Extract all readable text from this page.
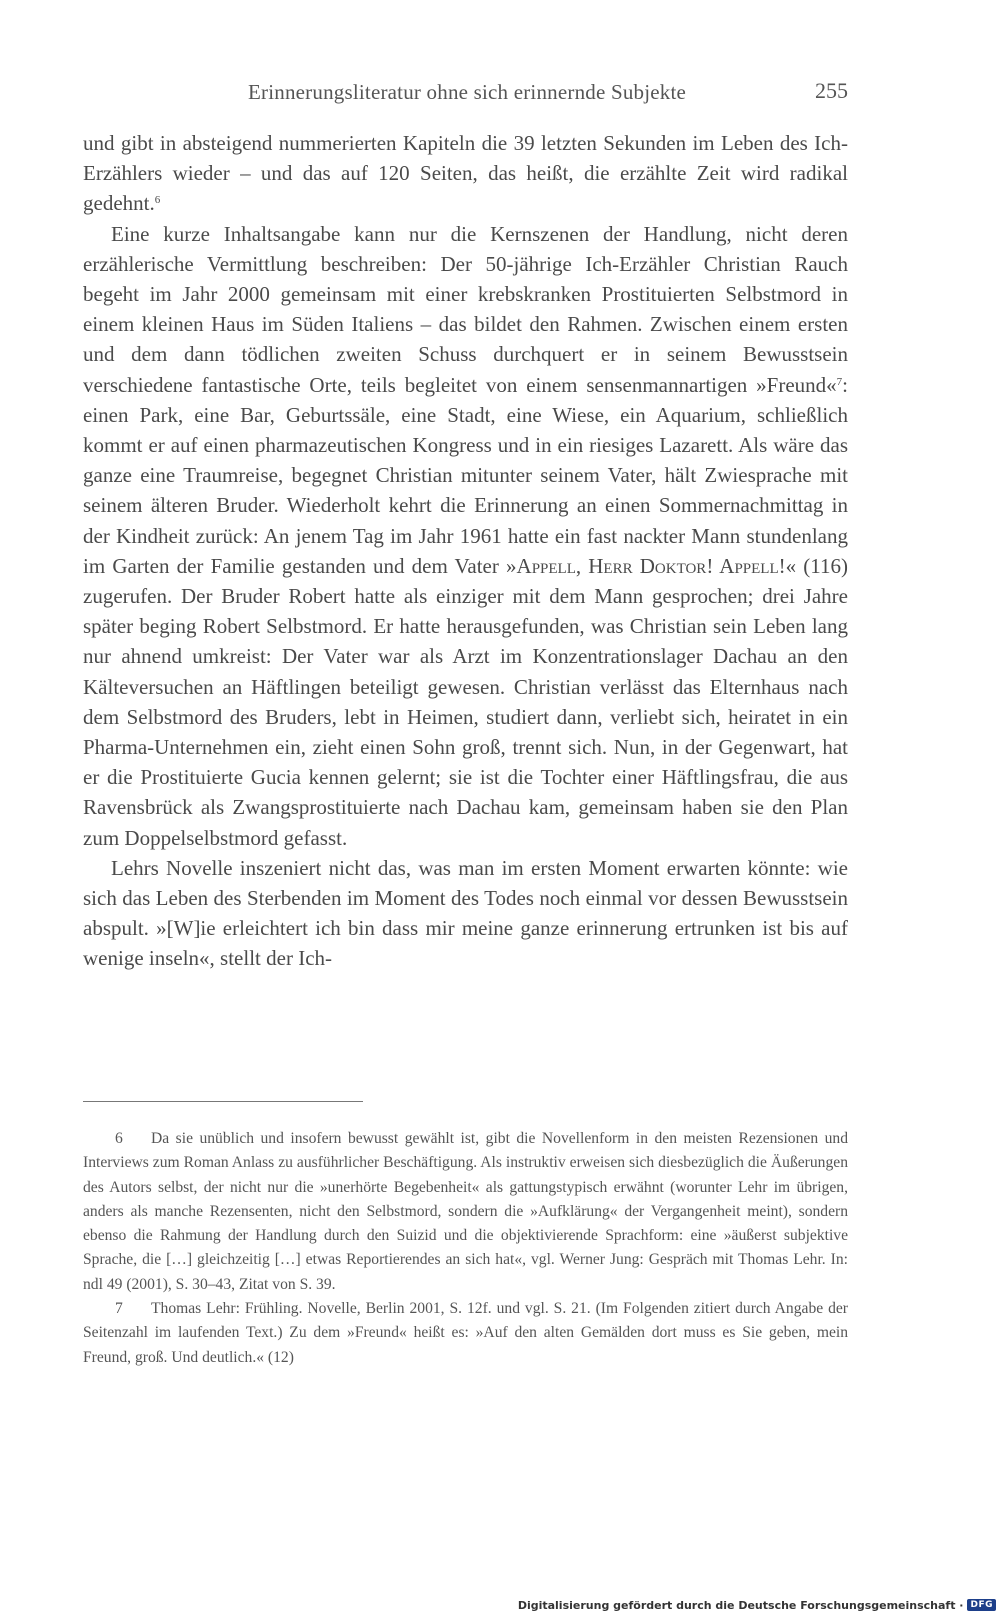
Erinnerungsliteratur ohne sich erinnernde Subjekte	255

und gibt in absteigend nummerierten Kapiteln die 39 letzten Sekunden im Leben des Ich-Erzählers wieder – und das auf 120 Seiten, das heißt, die erzählte Zeit wird radikal gedehnt.$^6$

Eine kurze Inhaltsangabe kann nur die Kernszenen der Handlung, nicht deren erzählerische Vermittlung beschreiben: Der 50-jährige Ich-Erzähler Christian Rauch begeht im Jahr 2000 gemeinsam mit einer krebskranken Prostituierten Selbstmord in einem kleinen Haus im Süden Italiens – das bildet den Rahmen. Zwischen einem ersten und dem dann tödlichen zweiten Schuss durchquert er in seinem Bewusstsein verschiedene fantastische Orte, teils begleitet von einem sensenmannartigen »Freund«$^7$: einen Park, eine Bar, Geburtssäle, eine Stadt, eine Wiese, ein Aquarium, schließlich kommt er auf einen pharmazeutischen Kongress und in ein riesiges Lazarett. Als wäre das ganze eine Traumreise, begegnet Christian mitunter seinem Vater, hält Zwiesprache mit seinem älteren Bruder. Wiederholt kehrt die Erinnerung an einen Sommernachmittag in der Kindheit zurück: An jenem Tag im Jahr 1961 hatte ein fast nackter Mann stundenlang im Garten der Familie gestanden und dem Vater »Appell, Herr Doktor! Appell!« (116) zugerufen. Der Bruder Robert hatte als einziger mit dem Mann gesprochen; drei Jahre später beging Robert Selbstmord. Er hatte herausgefunden, was Christian sein Leben lang nur ahnend umkreist: Der Vater war als Arzt im Konzentrationslager Dachau an den Kälteversuchen an Häftlingen beteiligt gewesen. Christian verlässt das Elternhaus nach dem Selbstmord des Bruders, lebt in Heimen, studiert dann, verliebt sich, heiratet in ein Pharma-Unternehmen ein, zieht einen Sohn groß, trennt sich. Nun, in der Gegenwart, hat er die Prostituierte Gucia kennen gelernt; sie ist die Tochter einer Häftlingsfrau, die aus Ravensbrück als Zwangsprostituierte nach Dachau kam, gemeinsam haben sie den Plan zum Doppelselbstmord gefasst.

Lehrs Novelle inszeniert nicht das, was man im ersten Moment erwarten könnte: wie sich das Leben des Sterbenden im Moment des Todes noch einmal vor dessen Bewusstsein abspult. »[W]ie erleichtert ich bin dass mir meine ganze erinnerung ertrunken ist bis auf wenige inseln«, stellt der Ich-

6 Da sie unüblich und insofern bewusst gewählt ist, gibt die Novellenform in den meisten Rezensionen und Interviews zum Roman Anlass zu ausführlicher Beschäftigung. Als instruktiv erweisen sich diesbezüglich die Äußerungen des Autors selbst, der nicht nur die »unerhörte Begebenheit« als gattungstypisch erwähnt (worunter Lehr im übrigen, anders als manche Rezensenten, nicht den Selbstmord, sondern die »Aufklärung« der Vergangenheit meint), sondern ebenso die Rahmung der Handlung durch den Suizid und die objektivierende Sprachform: eine »äußerst subjektive Sprache, die […] gleichzeitig […] etwas Reportierendes an sich hat«, vgl. Werner Jung: Gespräch mit Thomas Lehr. In: ndl 49 (2001), S. 30–43, Zitat von S. 39.

7 Thomas Lehr: Frühling. Novelle, Berlin 2001, S. 12f. und vgl. S. 21. (Im Folgenden zitiert durch Angabe der Seitenzahl im laufenden Text.) Zu dem »Freund« heißt es: »Auf den alten Gemälden dort muss es Sie geben, mein Freund, groß. Und deutlich.« (12)

Digitalisierung gefördert durch die Deutsche Forschungsgemeinschaft · DFG
